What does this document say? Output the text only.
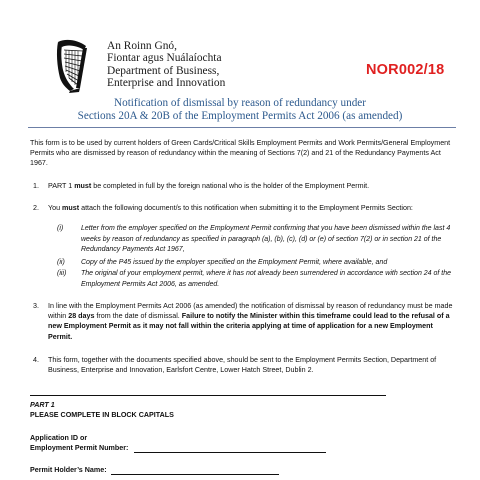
An Roinn Gnó,
Fiontar agus Nuálaíochta
Department of Business,
Enterprise and Innovation
NOR002/18
Notification of dismissal by reason of redundancy under
Sections 20A & 20B of the Employment Permits Act 2006 (as amended)
This form is to be used by current holders of Green Cards/Critical Skills Employment Permits and Work Permits/General Employment Permits who are dismissed by reason of redundancy within the meaning of Sections 7(2) and 21 of the Redundancy Payments Act 1967.
1. PART 1 must be completed in full by the foreign national who is the holder of the Employment Permit.
2. You must attach the following document/s to this notification when submitting it to the Employment Permits Section:
(i)	Letter from the employer specified on the Employment Permit confirming that you have been dismissed within the last 4 weeks by reason of redundancy as specified in paragraph (a), (b), (c), (d) or (e) of section 7(2) or in section 21 of the Redundancy Payments Act 1967,
(ii) Copy of the P45 issued by the employer specified on the Employment Permit, where available, and
(iii) The original of your employment permit, where it has not already been surrendered in accordance with section 24 of the Employment Permits Act 2006, as amended.
3. In line with the Employment Permits Act 2006 (as amended) the notification of dismissal by reason of redundancy must be made within 28 days from the date of dismissal. Failure to notify the Minister within this timeframe could lead to the refusal of a new Employment Permit as it may not fall within the criteria applying at time of application for a new Employment Permit.
4. This form, together with the documents specified above, should be sent to the Employment Permits Section, Department of Business, Enterprise and Innovation, Earlsfort Centre, Lower Hatch Street, Dublin 2.
PART 1
PLEASE COMPLETE IN BLOCK CAPITALS
Application ID or
Employment Permit Number:
Permit Holder’s Name:
